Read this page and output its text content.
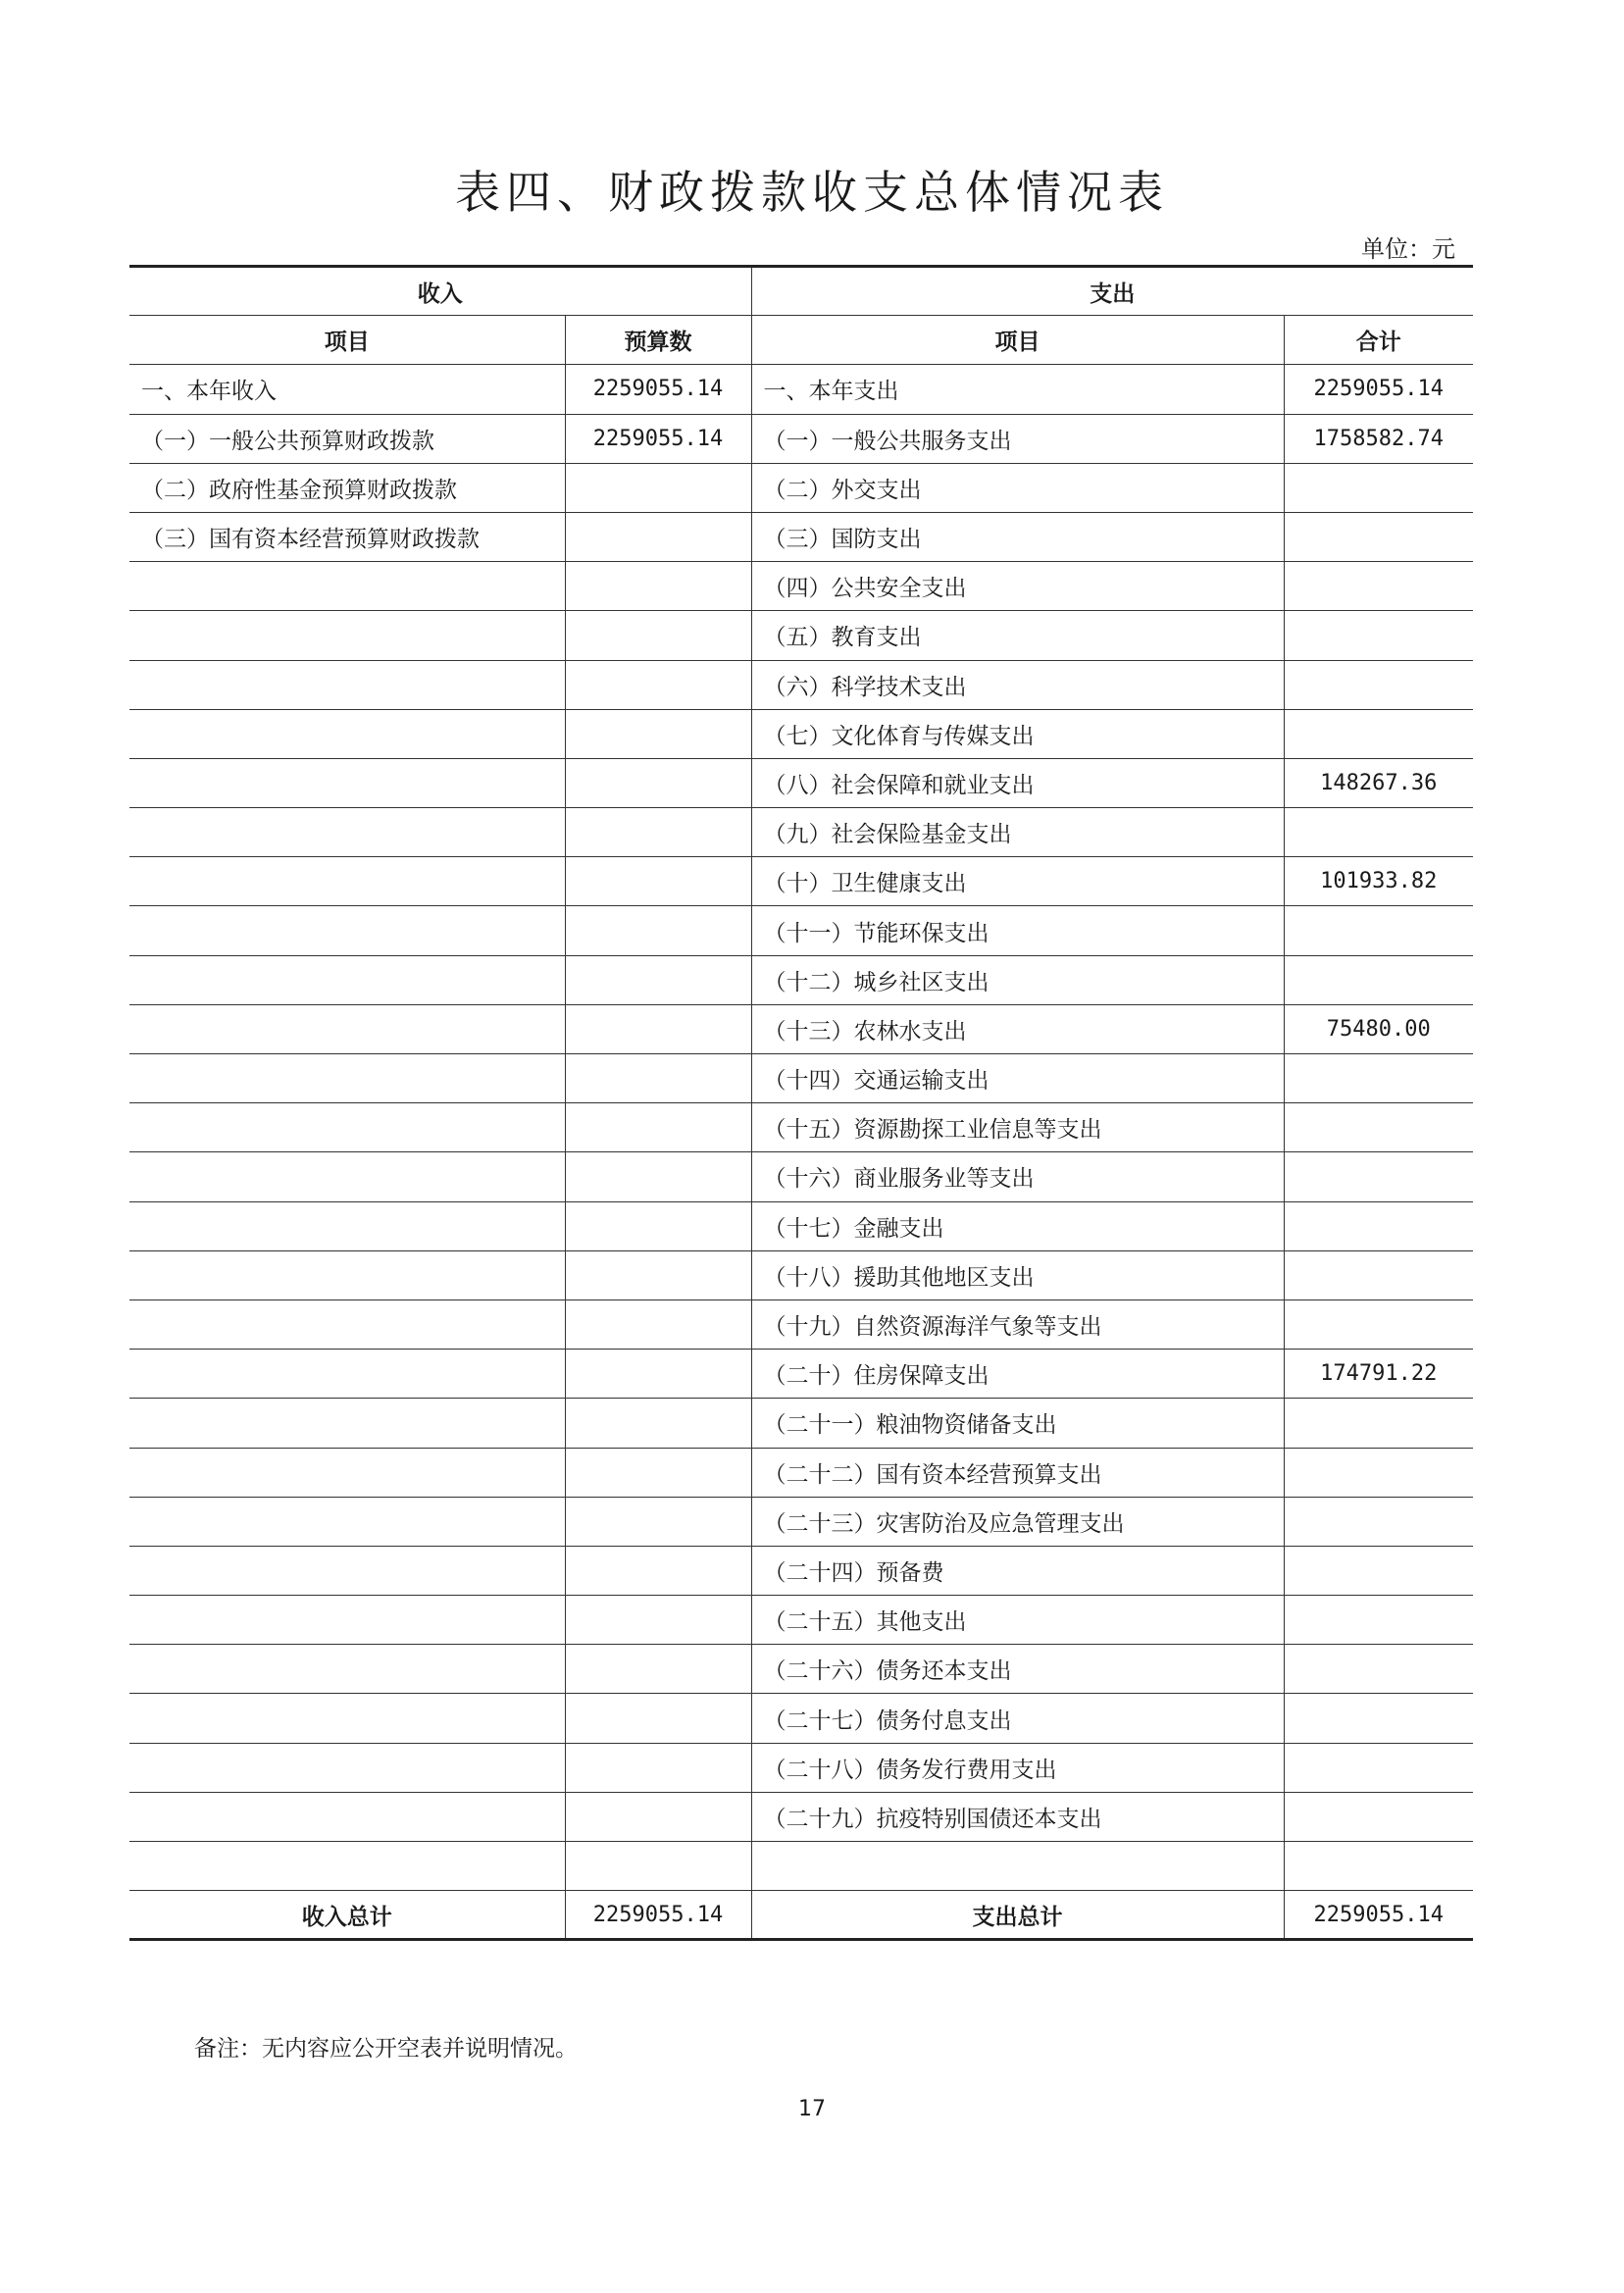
表四、财政拨款收支总体情况表
单位：元
收入		支出	
项目	预算数	项目	合计
一、本年收入	2259055.14	一、本年支出	2259055.14
（一）一般公共预算财政拨款	2259055.14	（一）一般公共服务支出	1758582.74
（二）政府性基金预算财政拨款		（二）外交支出	
（三）国有资本经营预算财政拨款		（三）国防支出	
		（四）公共安全支出	
		（五）教育支出	
		（六）科学技术支出	
		（七）文化体育与传媒支出	
		（八）社会保障和就业支出	148267.36
		（九）社会保险基金支出	
		（十）卫生健康支出	101933.82
		（十一）节能环保支出	
		（十二）城乡社区支出	
		（十三）农林水支出	75480.00
		（十四）交通运输支出	
		（十五）资源勘探工业信息等支出	
		（十六）商业服务业等支出	
		（十七）金融支出	
		（十八）援助其他地区支出	
		（十九）自然资源海洋气象等支出	
		（二十）住房保障支出	174791.22
		（二十一）粮油物资储备支出	
		（二十二）国有资本经营预算支出	
		（二十三）灾害防治及应急管理支出	
		（二十四）预备费	
		（二十五）其他支出	
		（二十六）债务还本支出	
		（二十七）债务付息支出	
		（二十八）债务发行费用支出	
		（二十九）抗疫特别国债还本支出	

收入总计	2259055.14	支出总计	2259055.14
备注：无内容应公开空表并说明情况。
17
